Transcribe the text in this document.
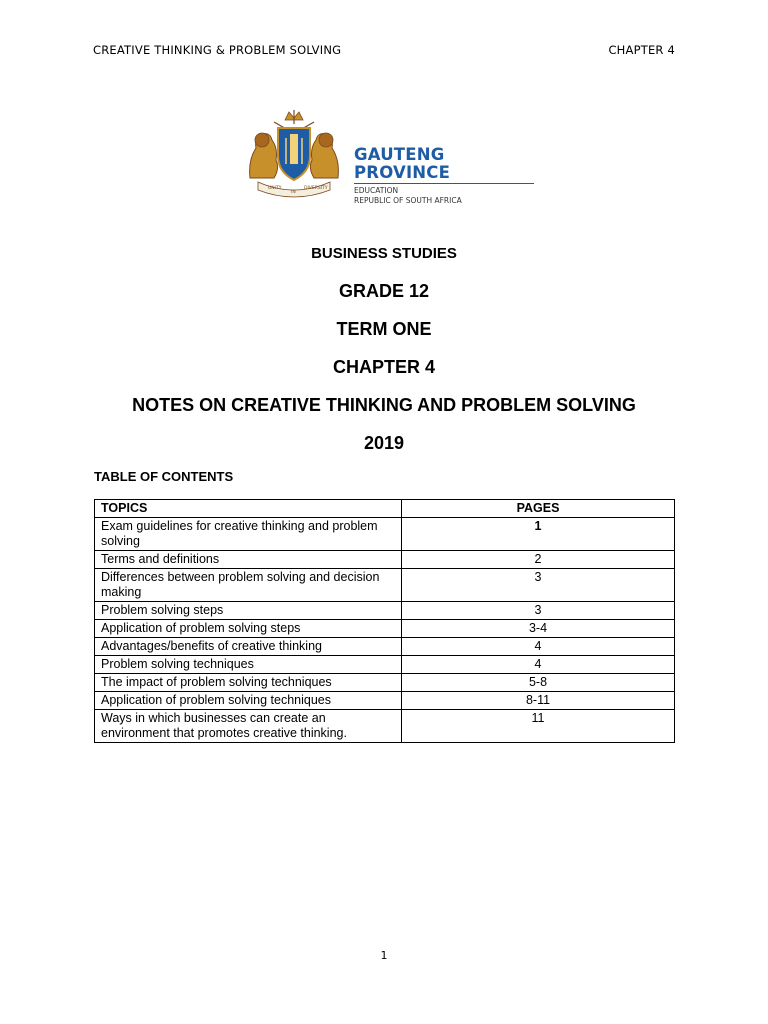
CREATIVE THINKING & PROBLEM SOLVING	CHAPTER 4
UNITY
IN
DIVERSITY
GAUTENG PROVINCE
EDUCATION
REPUBLIC OF SOUTH AFRICA
BUSINESS STUDIES
GRADE 12
TERM ONE
CHAPTER 4
NOTES ON CREATIVE THINKING AND PROBLEM SOLVING
2019
TABLE OF CONTENTS
TOPICS	PAGES
Exam guidelines for creative thinking and problem solving	1
Terms and definitions	2
Differences between problem solving and decision making	3
Problem solving steps	3
Application of problem solving steps	3-4
Advantages/benefits of creative thinking	4
Problem solving techniques	4
The impact of problem solving techniques	5-8
Application of problem solving techniques	8-11
Ways in which businesses can create an environment that promotes creative thinking.	11
1
